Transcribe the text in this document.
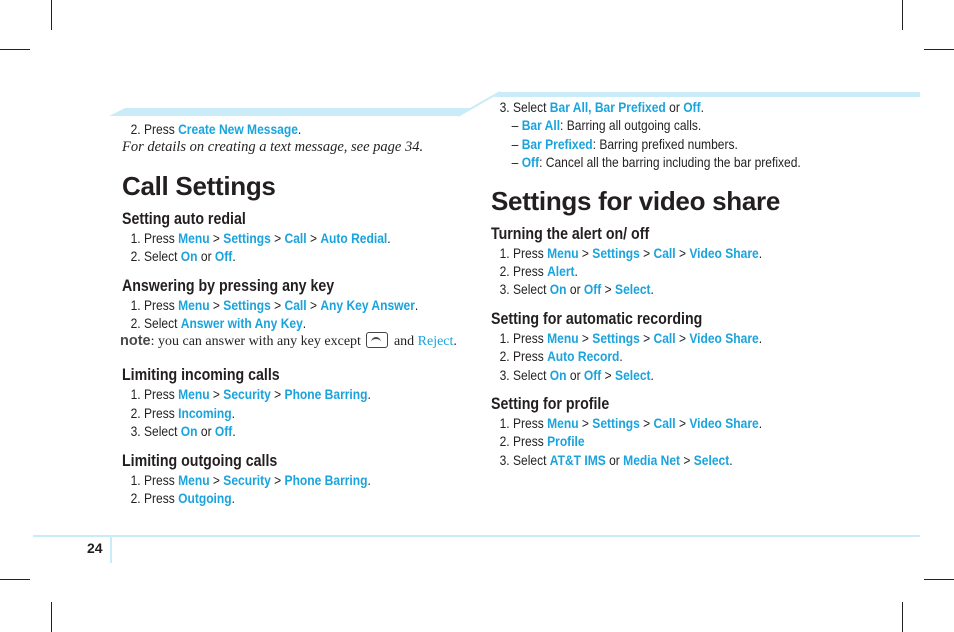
24
2. Press Create New Message.
For details on creating a text message, see page 34.
Call Settings
Setting auto redial
1. Press Menu > Settings > Call > Auto Redial.
2. Select On or Off.
Answering by pressing any key
1. Press Menu > Settings > Call > Any Key Answer.
2. Select Answer with Any Key.
note: you can answer with any key except  and Reject.
Limiting incoming calls
1. Press Menu > Security > Phone Barring.
2. Press Incoming.
3. Select On or Off.
Limiting outgoing calls
1. Press Menu > Security > Phone Barring.
2. Press Outgoing.
3. Select Bar All, Bar Prefixed or Off.
– Bar All: Barring all outgoing calls.
– Bar Prefixed: Barring prefixed numbers.
– Off: Cancel all the barring including the bar prefixed.
Settings for video share
Turning the alert on/ off
1. Press Menu > Settings > Call > Video Share.
2. Press Alert.
3. Select On or Off > Select.
Setting for automatic recording
1. Press Menu > Settings > Call > Video Share.
2. Press Auto Record.
3. Select On or Off > Select.
Setting for profile
1. Press Menu > Settings > Call > Video Share.
2. Press Profile
3. Select AT&T IMS or Media Net > Select.
